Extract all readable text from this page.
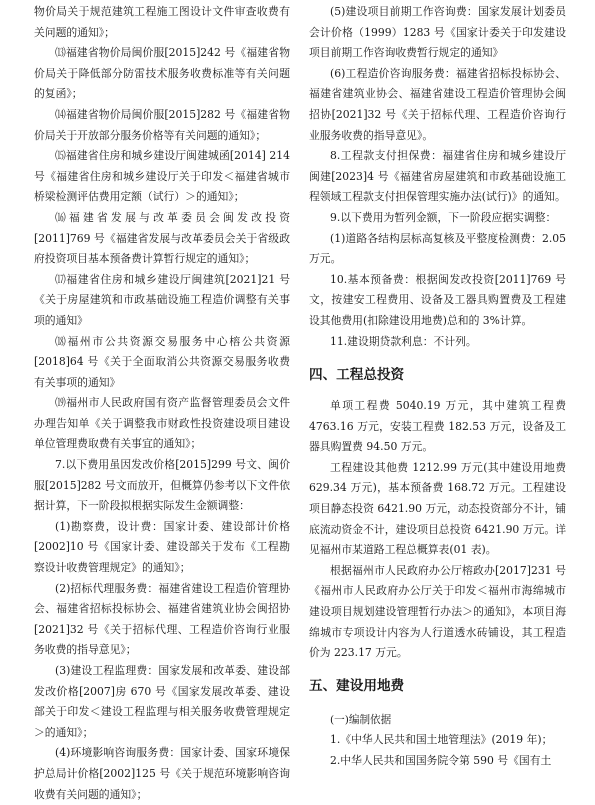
物价局关于规范建筑工程施工图设计文件审查收费有关问题的通知》；

⒀福建省物价局闽价服[2015]242 号《福建省物价局关于降低部分防雷技术服务收费标准等有关问题的复函》；

⒁福建省物价局闽价服[2015]282 号《福建省物价局关于开放部分服务价格等有关问题的通知》；

⒂福建省住房和城乡建设厅闽建城函[2014] 214 号《福建省住房和城乡建设厅关于印发＜福建省城市桥梁检测评估费用定额（试行）＞的通知》；

⒃福建省发展与改革委员会闽发改投资[2011]769 号《福建省发展与改革委员会关于省级政府投资项目基本预备费计算暂行规定的通知》；

⒄福建省住房和城乡建设厅闽建筑[2021]21 号《关于房屋建筑和市政基础设施工程造价调整有关事项的通知》

⒅福州市公共资源交易服务中心榕公共资源[2018]64 号《关于全面取消公共资源交易服务收费有关事项的通知》

⒆福州市人民政府国有资产监督管理委员会文件办理告知单《关于调整我市财政性投资建设项目建设单位管理费取费有关事宜的通知》；

7.以下费用虽因发改价格[2015]299 号文、闽价服[2015]282 号文而放开，但概算仍参考以下文件依据计算，下一阶段拟根据实际发生金额调整：

(1)勘察费，设计费：国家计委、建设部计价格[2002]10 号《国家计委、建设部关于发布《工程勘察设计收费管理规定》的通知》；

(2)招标代理服务费：福建省建设工程造价管理协会、福建省招标投标协会、福建省建筑业协会闽招协[2021]32 号《关于招标代理、工程造价咨询行业服务收费的指导意见》；

(3)建设工程监理费：国家发展和改革委、建设部发改价格[2007]房 670 号《国家发展改革委、建设部关于印发＜建设工程监理与相关服务收费管理规定＞的通知》；

(4)环境影响咨询服务费：国家计委、国家环境保护总局计价格[2002]125 号《关于规范环境影响咨询收费有关问题的通知》；

(5)建设项目前期工作咨询费：国家发展计划委员会计价格（1999）1283 号《国家计委关于印发建设项目前期工作咨询收费暂行规定的通知》

(6)工程造价咨询服务费：福建省招标投标协会、福建省建筑业协会、福建省建设工程造价管理协会闽招协[2021]32 号《关于招标代理、工程造价咨询行业服务收费的指导意见》。

8.工程款支付担保费：福建省住房和城乡建设厅闽建[2023]4 号《福建省房屋建筑和市政基础设施工程领域工程款支付担保管理实施办法(试行)》的通知。

9.以下费用为暂列金额，下一阶段应据实调整：

(1)道路各结构层标高复核及平整度检测费：2.05 万元。

10.基本预备费：根据闽发改投资[2011]769 号文，按建安工程费用、设备及工器具购置费及工程建设其他费用(扣除建设用地费)总和的 3%计算。

11.建设期贷款利息：不计列。

四、工程总投资

单项工程费 5040.19 万元，其中建筑工程费 4763.16 万元，安装工程费 182.53 万元，设备及工器具购置费 94.50 万元。

工程建设其他费 1212.99 万元(其中建设用地费 629.34 万元)，基本预备费 168.72 万元。工程建设项目静态投资 6421.90 万元，动态投资部分不计，铺底流动资金不计，建设项目总投资 6421.90 万元。详见福州市某道路工程总概算表(01 表)。

根据福州市人民政府办公厅榕政办[2017]231 号《福州市人民政府办公厅关于印发＜福州市海绵城市建设项目规划建设管理暂行办法＞的通知》，本项目海绵城市专项设计内容为人行道透水砖铺设，其工程造价为 223.17 万元。

五、建设用地费

(一)编制依据

1.《中华人民共和国土地管理法》(2019 年)；

2.中华人民共和国国务院令第 590 号《国有土
